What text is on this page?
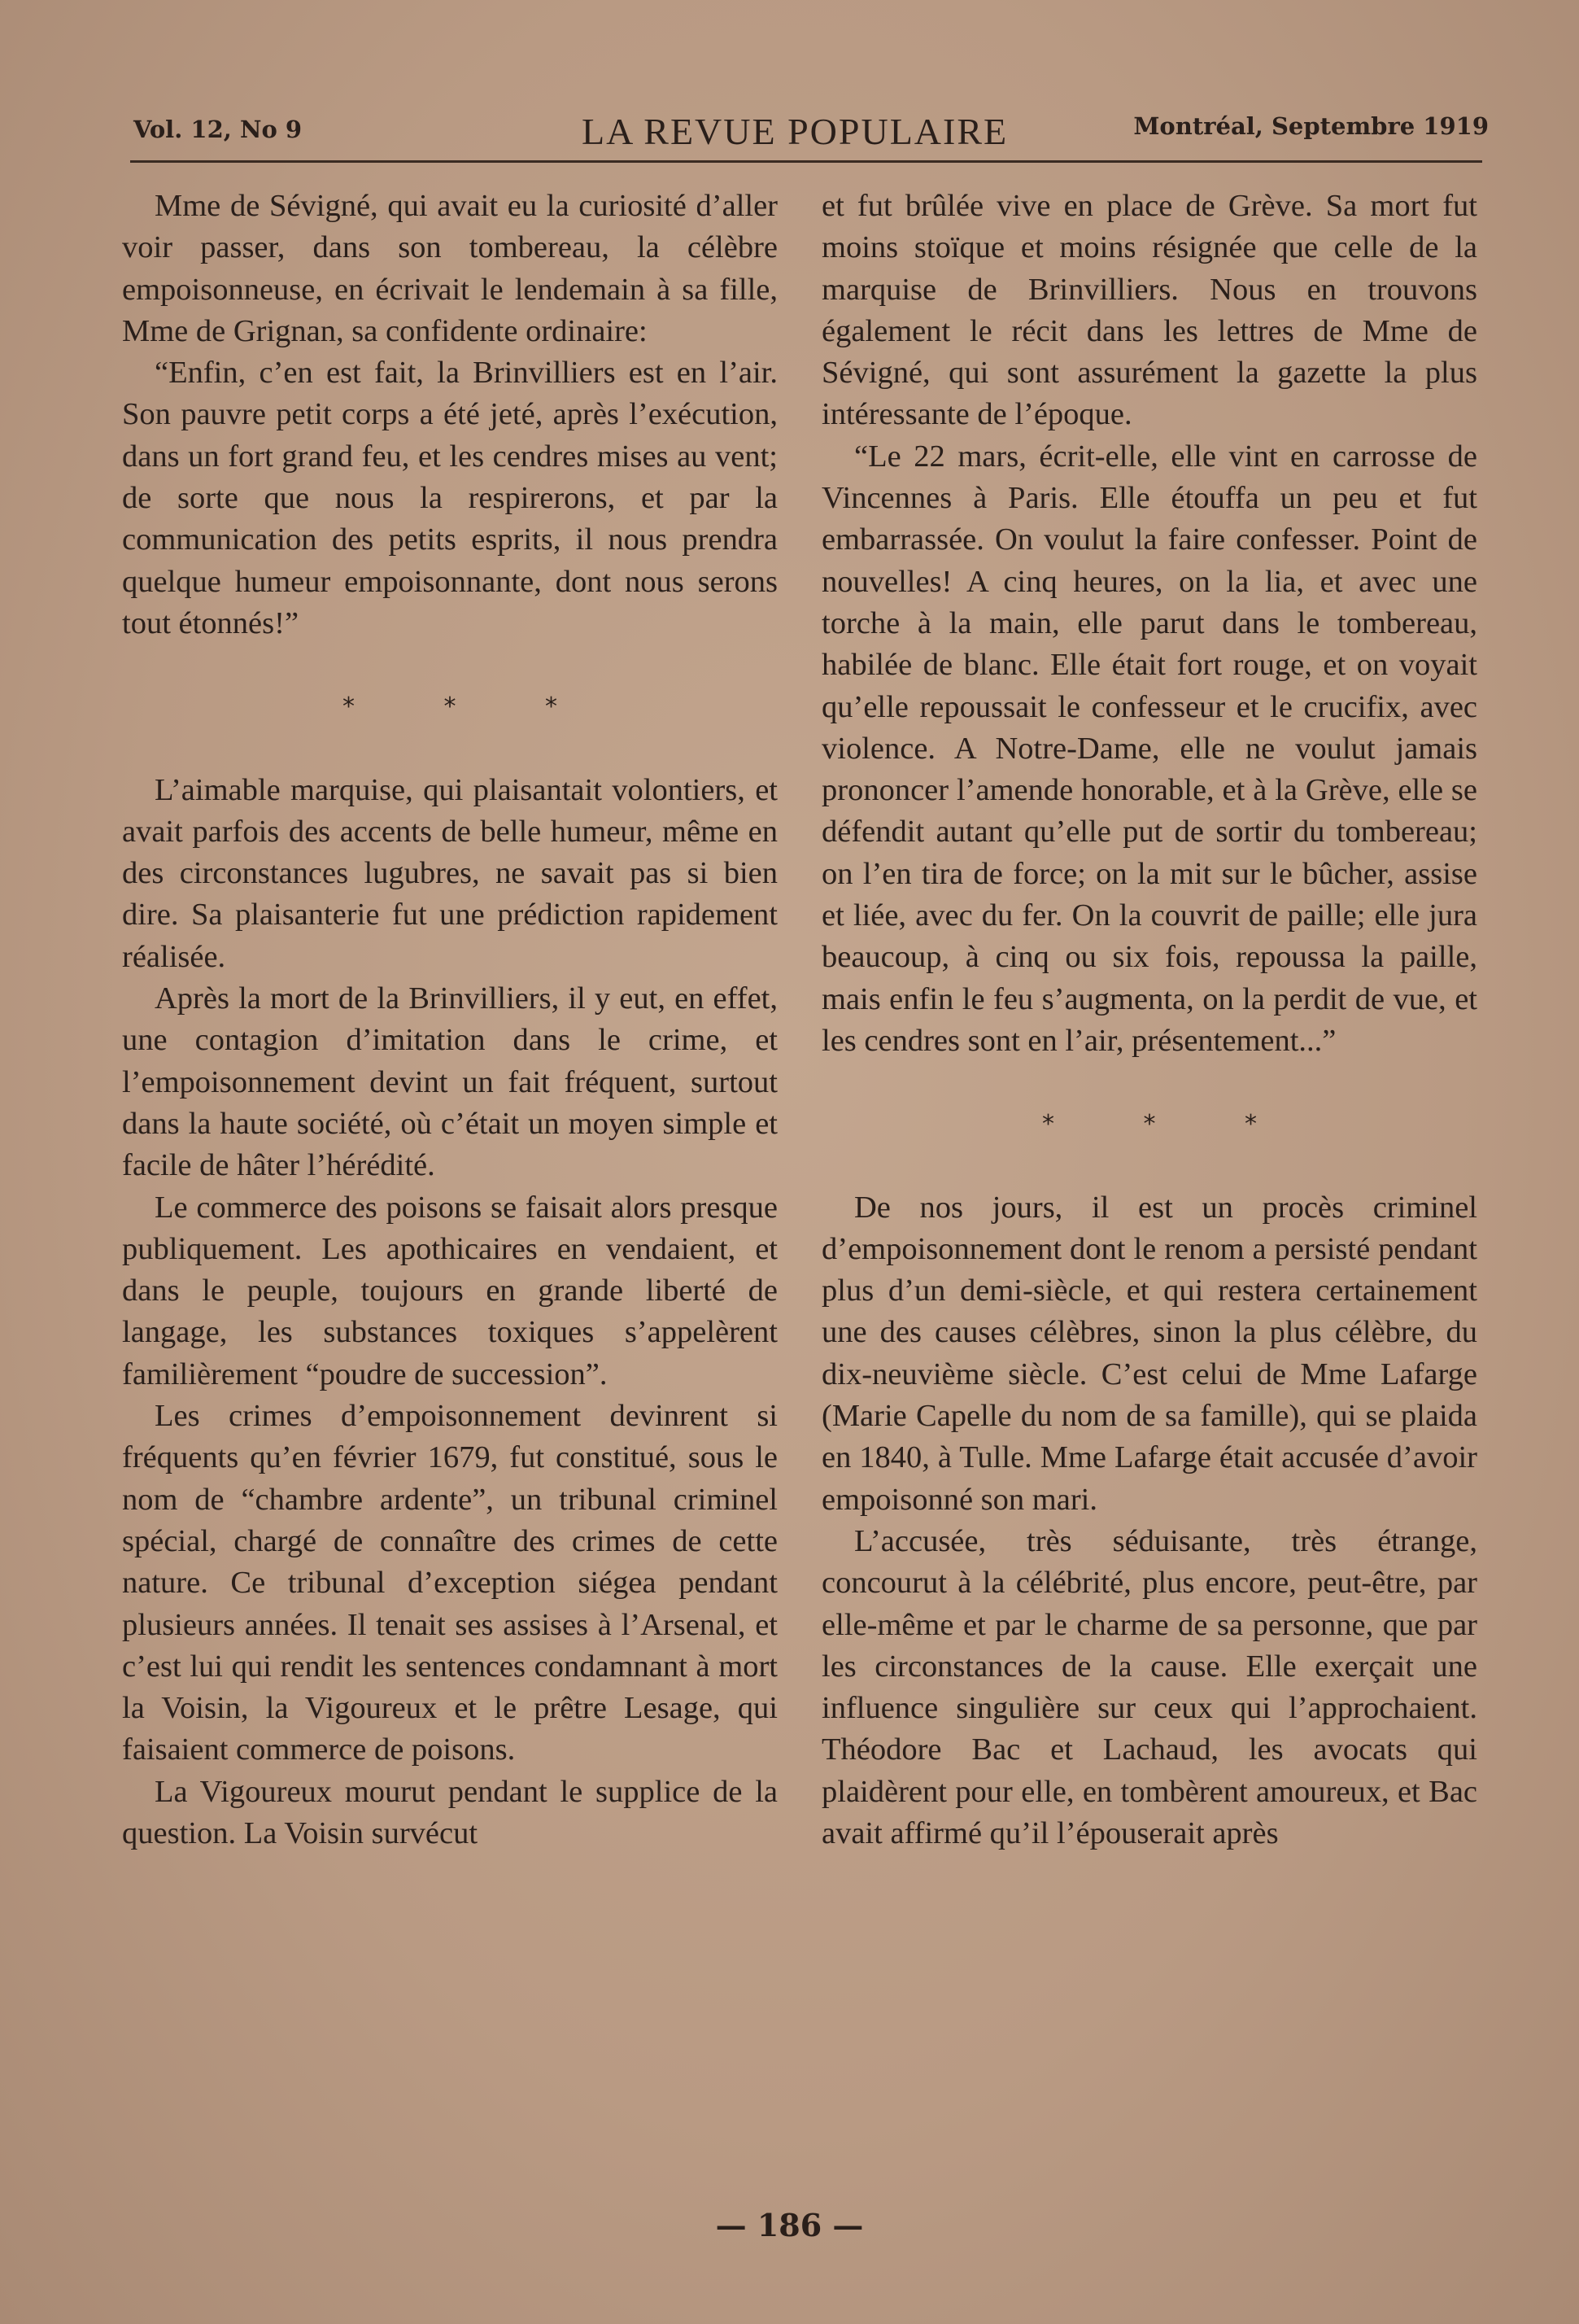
Vol. 12, No 9	LA REVUE POPULAIRE	Montréal, Septembre 1919

Mme de Sévigné, qui avait eu la curiosité d’aller voir passer, dans son tombereau, la célèbre empoisonneuse, en écrivait le lendemain à sa fille, Mme de Grignan, sa confidente ordinaire:

“Enfin, c’en est fait, la Brinvilliers est en l’air. Son pauvre petit corps a été jeté, après l’exécution, dans un fort grand feu, et les cendres mises au vent; de sorte que nous la respirerons, et par la communication des petits esprits, il nous prendra quelque humeur empoisonnante, dont nous serons tout étonnés!”

* * *

L’aimable marquise, qui plaisantait volontiers, et avait parfois des accents de belle humeur, même en des circonstances lugubres, ne savait pas si bien dire. Sa plaisanterie fut une prédiction rapidement réalisée.

Après la mort de la Brinvilliers, il y eut, en effet, une contagion d’imitation dans le crime, et l’empoisonnement devint un fait fréquent, surtout dans la haute société, où c’était un moyen simple et facile de hâter l’hérédité.

Le commerce des poisons se faisait alors presque publiquement. Les apothicaires en vendaient, et dans le peuple, toujours en grande liberté de langage, les substances toxiques s’appelèrent familièrement “poudre de succession”.

Les crimes d’empoisonnement devinrent si fréquents qu’en février 1679, fut constitué, sous le nom de “chambre ardente”, un tribunal criminel spécial, chargé de connaître des crimes de cette nature. Ce tribunal d’exception siégea pendant plusieurs années. Il tenait ses assises à l’Arsenal, et c’est lui qui rendit les sentences condamnant à mort la Voisin, la Vigoureux et le prêtre Lesage, qui faisaient commerce de poisons.

La Vigoureux mourut pendant le supplice de la question. La Voisin survécut

et fut brûlée vive en place de Grève. Sa mort fut moins stoïque et moins résignée que celle de la marquise de Brinvilliers. Nous en trouvons également le récit dans les lettres de Mme de Sévigné, qui sont assurément la gazette la plus intéressante de l’époque.

“Le 22 mars, écrit-elle, elle vint en carrosse de Vincennes à Paris. Elle étouffa un peu et fut embarrassée. On voulut la faire confesser. Point de nouvelles! A cinq heures, on la lia, et avec une torche à la main, elle parut dans le tombereau, habilée de blanc. Elle était fort rouge, et on voyait qu’elle repoussait le confesseur et le crucifix, avec violence. A Notre-Dame, elle ne voulut jamais prononcer l’amende honorable, et à la Grève, elle se défendit autant qu’elle put de sortir du tombereau; on l’en tira de force; on la mit sur le bûcher, assise et liée, avec du fer. On la couvrit de paille; elle jura beaucoup, à cinq ou six fois, repoussa la paille, mais enfin le feu s’augmenta, on la perdit de vue, et les cendres sont en l’air, présentement...”

* * *

De nos jours, il est un procès criminel d’empoisonnement dont le renom a persisté pendant plus d’un demi-siècle, et qui restera certainement une des causes célèbres, sinon la plus célèbre, du dix-neuvième siècle. C’est celui de Mme Lafarge (Marie Capelle du nom de sa famille), qui se plaida en 1840, à Tulle. Mme Lafarge était accusée d’avoir empoisonné son mari.

L’accusée, très séduisante, très étrange, concourut à la célébrité, plus encore, peut-être, par elle-même et par le charme de sa personne, que par les circonstances de la cause. Elle exerçait une influence singulière sur ceux qui l’approchaient. Théodore Bac et Lachaud, les avocats qui plaidèrent pour elle, en tombèrent amoureux, et Bac avait affirmé qu’il l’épouserait après

— 186 —
